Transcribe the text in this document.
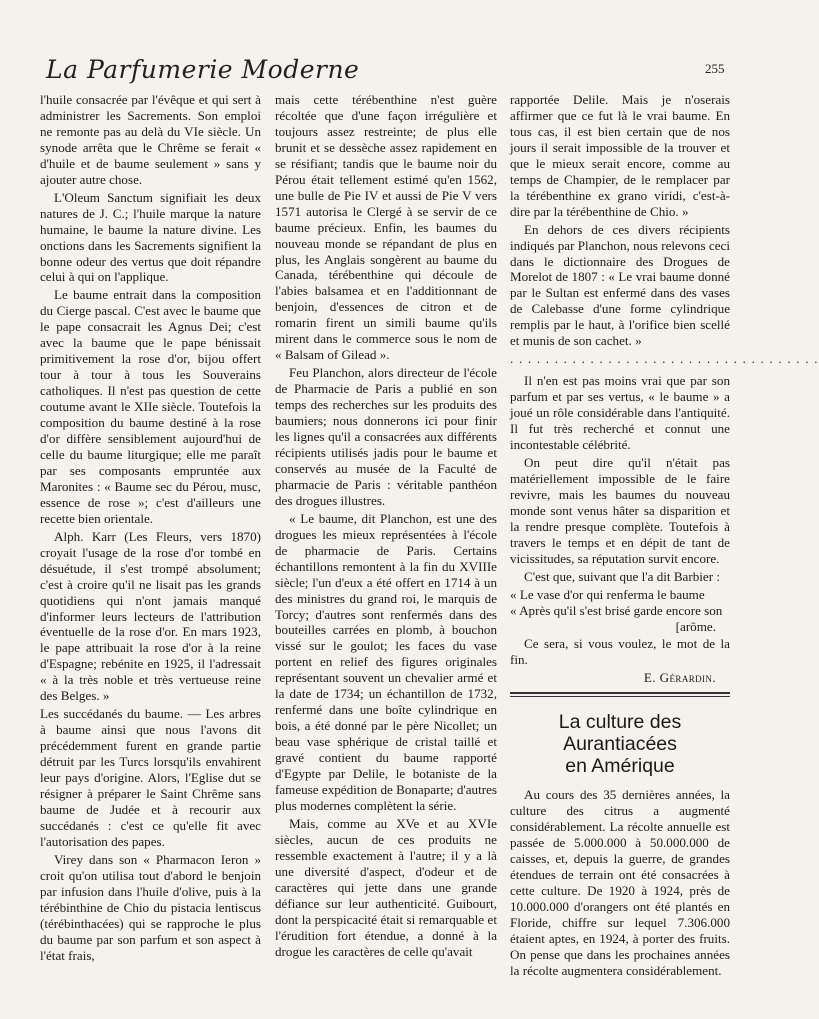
La Parfumerie Moderne	255

l'huile consacrée par l'évêque et qui sert à administrer les Sacrements. Son emploi ne remonte pas au delà du VIe siècle. Un synode arrêta que le Chrême se ferait « d'huile et de baume seulement » sans y ajouter autre chose.

L'Oleum Sanctum signifiait les deux natures de J. C.; l'huile marque la nature humaine, le baume la nature divine. Les onctions dans les Sacrements signifient la bonne odeur des vertus que doit répandre celui à qui on l'applique.

Le baume entrait dans la composition du Cierge pascal. C'est avec le baume que le pape consacrait les Agnus Dei; c'est avec la baume que le pape bénissait primitivement la rose d'or, bijou offert tour à tour à tous les Souverains catholiques. Il n'est pas question de cette coutume avant le XIIe siècle. Toutefois la composition du baume destiné à la rose d'or diffère sensiblement aujourd'hui de celle du baume liturgique; elle me paraît par ses composants empruntée aux Maronites : « Baume sec du Pérou, musc, essence de rose »; c'est d'ailleurs une recette bien orientale.

Alph. Karr (Les Fleurs, vers 1870) croyait l'usage de la rose d'or tombé en désuétude, il s'est trompé absolument; c'est à croire qu'il ne lisait pas les grands quotidiens qui n'ont jamais manqué d'informer leurs lecteurs de l'attribution éventuelle de la rose d'or. En mars 1923, le pape attribuait la rose d'or à la reine d'Espagne; rebénite en 1925, il l'adressait « à la très noble et très vertueuse reine des Belges. »

Les succédanés du baume. — Les arbres à baume ainsi que nous l'avons dit précédemment furent en grande partie détruit par les Turcs lorsqu'ils envahirent leur pays d'origine. Alors, l'Eglise dut se résigner à préparer le Saint Chrême sans baume de Judée et à recourir aux succédanés : c'est ce qu'elle fit avec l'autorisation des papes.

Virey dans son « Pharmacon Ieron » croit qu'on utilisa tout d'abord le benjoin par infusion dans l'huile d'olive, puis à la térébinthine de Chio du pistacia lentiscus (térébinthacées) qui se rapproche le plus du baume par son parfum et son aspect à l'état frais,

mais cette térébenthine n'est guère récoltée que d'une façon irrégulière et toujours assez restreinte; de plus elle brunit et se dessèche assez rapidement en se résifiant; tandis que le baume noir du Pérou était tellement estimé qu'en 1562, une bulle de Pie IV et aussi de Pie V vers 1571 autorisa le Clergé à se servir de ce baume précieux. Enfin, les baumes du nouveau monde se répandant de plus en plus, les Anglais songèrent au baume du Canada, térébenthine qui découle de l'abies balsamea et en l'additionnant de benjoin, d'essences de citron et de romarin firent un simili baume qu'ils mirent dans le commerce sous le nom de « Balsam of Gilead ».

Feu Planchon, alors directeur de l'école de Pharmacie de Paris a publié en son temps des recherches sur les produits des baumiers; nous donnerons ici pour finir les lignes qu'il a consacrées aux différents récipients utilisés jadis pour le baume et conservés au musée de la Faculté de pharmacie de Paris : véritable panthéon des drogues illustres.

« Le baume, dit Planchon, est une des drogues les mieux représentées à l'école de pharmacie de Paris. Certains échantillons remontent à la fin du XVIIIe siècle; l'un d'eux a été offert en 1714 à un des ministres du grand roi, le marquis de Torcy; d'autres sont renfermés dans des bouteilles carrées en plomb, à bouchon vissé sur le goulot; les faces du vase portent en relief des figures originales représentant souvent un chevalier armé et la date de 1734; un échantillon de 1732, renfermé dans une boîte cylindrique en bois, a été donné par le père Nicollet; un beau vase sphérique de cristal taillé et gravé contient du baume rapporté d'Egypte par Delile, le botaniste de la fameuse expédition de Bonaparte; d'autres plus modernes complètent la série.

Mais, comme au XVe et au XVIe siècles, aucun de ces produits ne ressemble exactement à l'autre; il y a là une diversité d'aspect, d'odeur et de caractères qui jette dans une grande défiance sur leur authenticité. Guibourt, dont la perspicacité était si remarquable et l'érudition fort étendue, a donné à la drogue les caractères de celle qu'avait

rapportée Delile. Mais je n'oserais affirmer que ce fut là le vrai baume. En tous cas, il est bien certain que de nos jours il serait impossible de la trouver et que le mieux serait encore, comme au temps de Champier, de le remplacer par la térébenthine ex grano viridi, c'est-à-dire par la térébenthine de Chio. »

En dehors de ces divers récipients indiqués par Planchon, nous relevons ceci dans le dictionnaire des Drogues de Morelot de 1807 : « Le vrai baume donné par le Sultan est enfermé dans des vases de Calebasse d'une forme cylindrique remplis par le haut, à l'orifice bien scellé et munis de son cachet. »

. . . . . . . . . . . . . . . . . . . . . . . . . . . . . . . . . . .

Il n'en est pas moins vrai que par son parfum et par ses vertus, « le baume » a joué un rôle considérable dans l'antiquité. Il fut très recherché et connut une incontestable célébrité.

On peut dire qu'il n'était pas matériellement impossible de le faire revivre, mais les baumes du nouveau monde sont venus hâter sa disparition et la rendre presque complète. Toutefois à travers le temps et en dépit de tant de vicissitudes, sa réputation survit encore.

C'est que, suivant que l'a dit Barbier :

« Le vase d'or qui renferma le baume

« Après qu'il s'est brisé garde encore son

[arôme.

Ce sera, si vous voulez, le mot de la fin.

E. Gérardin.

La culture des Aurantiacées
en Amérique

Au cours des 35 dernières années, la culture des citrus a augmenté considérablement. La récolte annuelle est passée de 5.000.000 à 50.000.000 de caisses, et, depuis la guerre, de grandes étendues de terrain ont été consacrées à cette culture. De 1920 à 1924, près de 10.000.000 d'orangers ont été plantés en Floride, chiffre sur lequel 7.306.000 étaient aptes, en 1924, à porter des fruits. On pense que dans les prochaines années la récolte augmentera considérablement.
